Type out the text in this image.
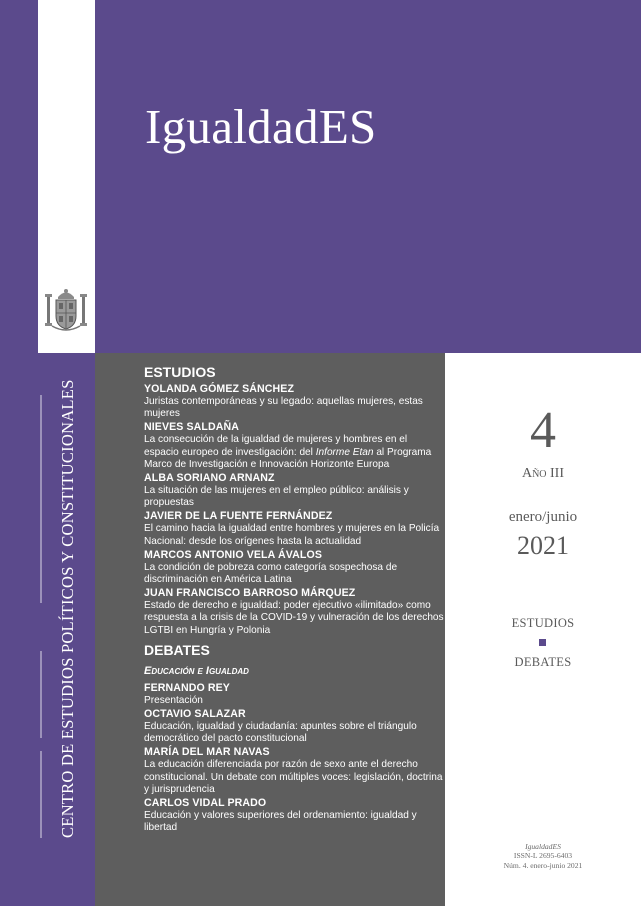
CENTRO DE ESTUDIOS POLÍTICOS Y CONSTITUCIONALES
IgualdadES
ESTUDIOS
YOLANDA GÓMEZ SÁNCHEZ
Juristas contemporáneas y su legado: aquellas mujeres, estas mujeres
NIEVES SALDAÑA
La consecución de la igualdad de mujeres y hombres en el espacio europeo de investigación: del Informe Etan al Programa Marco de Investigación e Innovación Horizonte Europa
ALBA SORIANO ARNANZ
La situación de las mujeres en el empleo público: análisis y propuestas
JAVIER DE LA FUENTE FERNÁNDEZ
El camino hacia la igualdad entre hombres y mujeres en la Policía Nacional: desde los orígenes hasta la actualidad
MARCOS ANTONIO VELA ÁVALOS
La condición de pobreza como categoría sospechosa de discriminación en América Latina
JUAN FRANCISCO BARROSO MÁRQUEZ
Estado de derecho e igualdad: poder ejecutivo «ilimitado» como respuesta a la crisis de la COVID-19 y vulneración de los derechos LGTBI en Hungría y Polonia
DEBATES
Educación e Igualdad
FERNANDO REY
Presentación
OCTAVIO SALAZAR
Educación, igualdad y ciudadanía: apuntes sobre el triángulo democrático del pacto constitucional
MARÍA DEL MAR NAVAS
La educación diferenciada por razón de sexo ante el derecho constitucional. Un debate con múltiples voces: legislación, doctrina y jurisprudencia
CARLOS VIDAL PRADO
Educación y valores superiores del ordenamiento: igualdad y libertad
4
Año III
enero/junio
2021
ESTUDIOS
DEBATES
IgualdadES
ISSN-L 2695-6403
Núm. 4. enero-junio 2021
